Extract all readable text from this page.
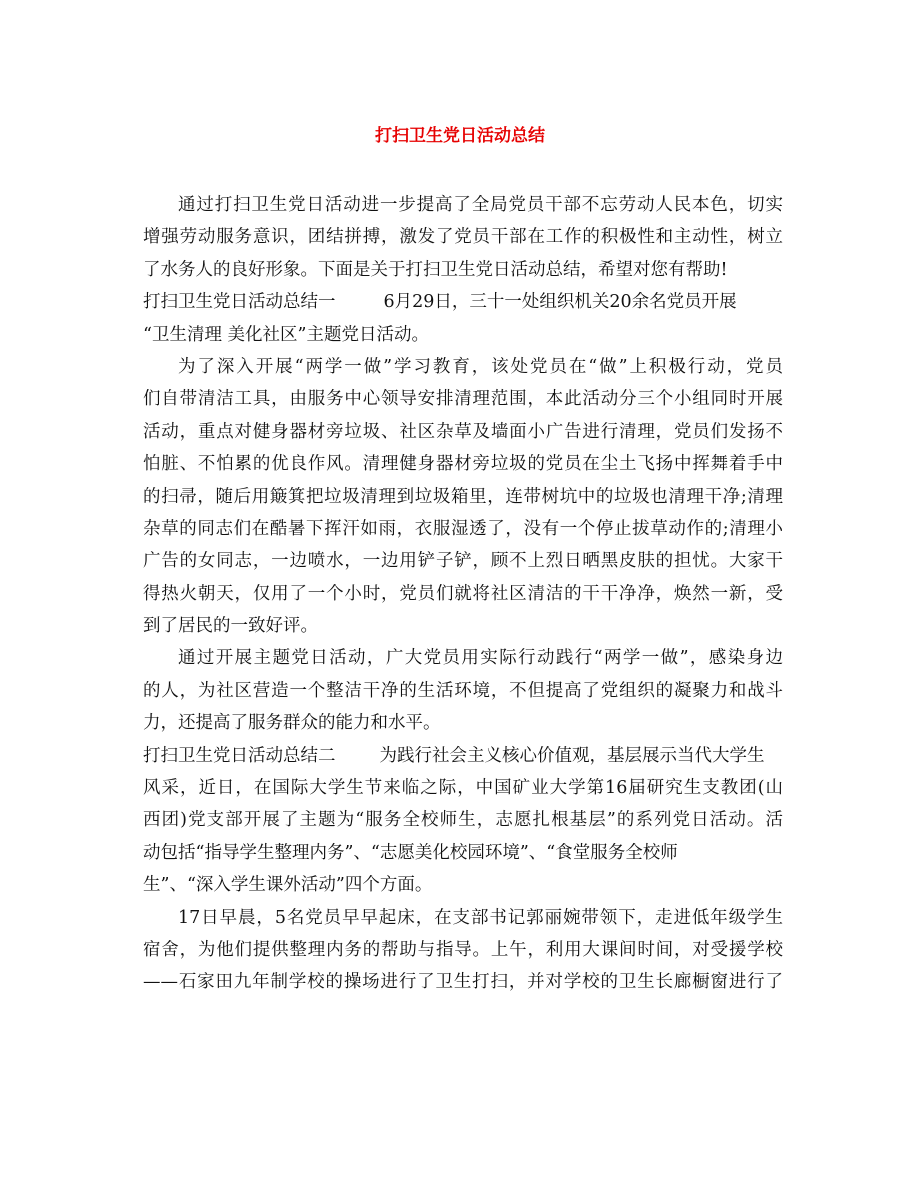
打扫卫生党日活动总结
通过打扫卫生党日活动进一步提高了全局党员干部不忘劳动人民本色，切实
增强劳动服务意识，团结拼搏，激发了党员干部在工作的积极性和主动性，树立
了水务人的良好形象。下面是关于打扫卫生党日活动总结，希望对您有帮助!
打扫卫生党日活动总结一	6月29日，三十一处组织机关20余名党员开展
“卫生清理 美化社区”主题党日活动。
为了深入开展“两学一做”学习教育，该处党员在“做”上积极行动，党员
们自带清洁工具，由服务中心领导安排清理范围，本此活动分三个小组同时开展
活动，重点对健身器材旁垃圾、社区杂草及墙面小广告进行清理，党员们发扬不
怕脏、不怕累的优良作风。清理健身器材旁垃圾的党员在尘土飞扬中挥舞着手中
的扫帚，随后用簸箕把垃圾清理到垃圾箱里，连带树坑中的垃圾也清理干净;清理
杂草的同志们在酷暑下挥汗如雨，衣服湿透了，没有一个停止拔草动作的;清理小
广告的女同志，一边喷水，一边用铲子铲，顾不上烈日晒黑皮肤的担忧。大家干
得热火朝天，仅用了一个小时，党员们就将社区清洁的干干净净，焕然一新，受
到了居民的一致好评。
通过开展主题党日活动，广大党员用实际行动践行“两学一做”，感染身边
的人，为社区营造一个整洁干净的生活环境，不但提高了党组织的凝聚力和战斗
力，还提高了服务群众的能力和水平。
打扫卫生党日活动总结二	为践行社会主义核心价值观，基层展示当代大学生
风采，近日，在国际大学生节来临之际，中国矿业大学第16届研究生支教团(山
西团)党支部开展了主题为“服务全校师生，志愿扎根基层”的系列党日活动。活
动包括“指导学生整理内务”、“志愿美化校园环境”、“食堂服务全校师
生”、“深入学生课外活动”四个方面。
17日早晨，5名党员早早起床，在支部书记郭丽婉带领下，走进低年级学生
宿舍，为他们提供整理内务的帮助与指导。上午，利用大课间时间，对受援学校
——石家田九年制学校的操场进行了卫生打扫，并对学校的卫生长廊橱窗进行了
